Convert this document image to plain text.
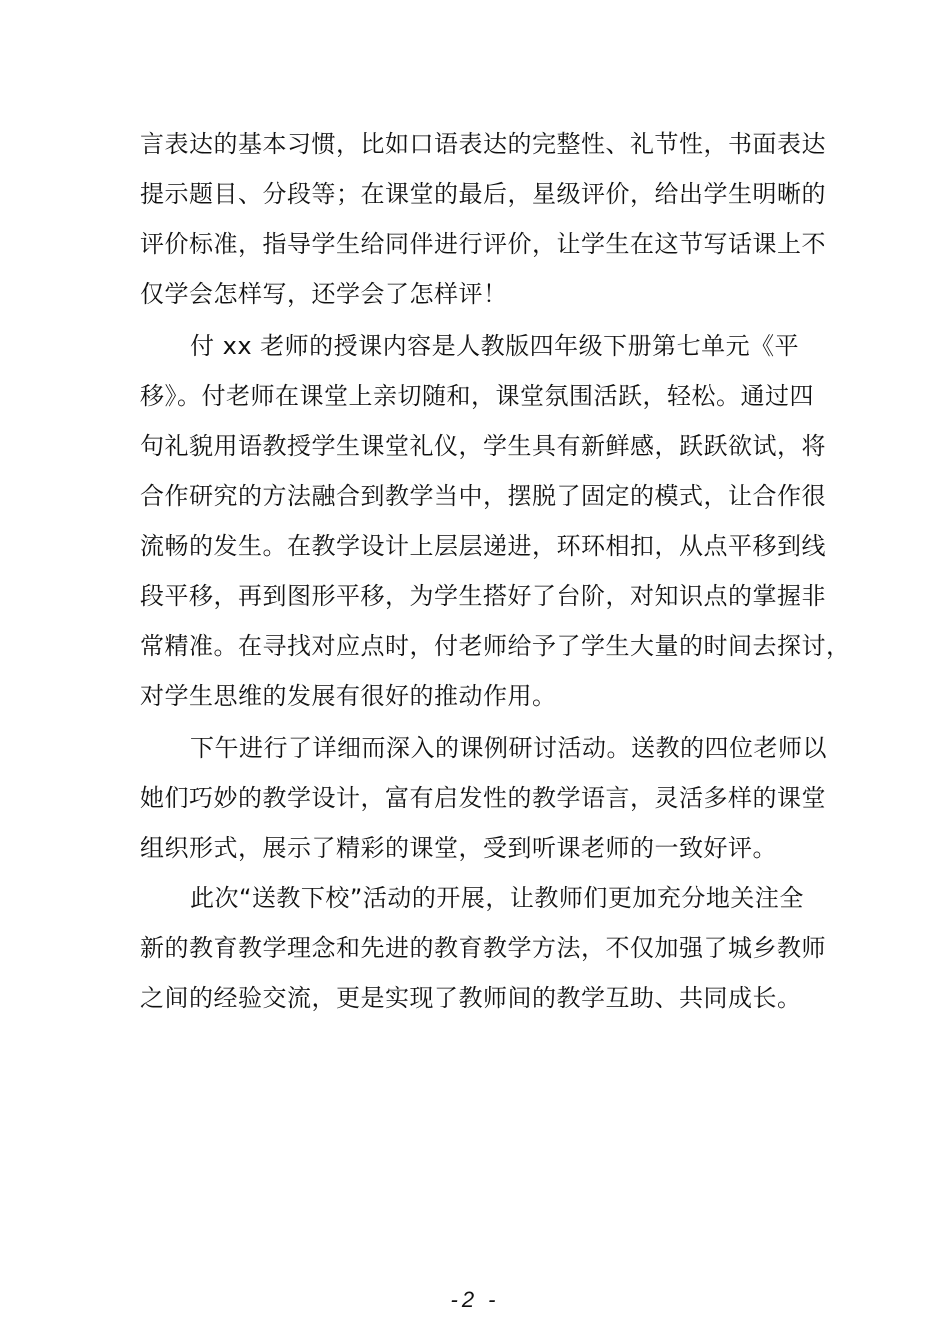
言表达的基本习惯，比如口语表达的完整性、礼节性，书面表达
提示题目、分段等；在课堂的最后，星级评价，给出学生明晰的
评价标准，指导学生给同伴进行评价，让学生在这节写话课上不
仅学会怎样写，还学会了怎样评！
付 xx 老师的授课内容是人教版四年级下册第七单元《平
移》。付老师在课堂上亲切随和，课堂氛围活跃，轻松。通过四
句礼貌用语教授学生课堂礼仪，学生具有新鲜感，跃跃欲试，将
合作研究的方法融合到教学当中，摆脱了固定的模式，让合作很
流畅的发生。在教学设计上层层递进，环环相扣，从点平移到线
段平移，再到图形平移，为学生搭好了台阶，对知识点的掌握非
常精准。在寻找对应点时，付老师给予了学生大量的时间去探讨，
对学生思维的发展有很好的推动作用。
下午进行了详细而深入的课例研讨活动。送教的四位老师以
她们巧妙的教学设计，富有启发性的教学语言，灵活多样的课堂
组织形式，展示了精彩的课堂，受到听课老师的一致好评。
此次“送教下校”活动的开展，让教师们更加充分地关注全
新的教育教学理念和先进的教育教学方法，不仅加强了城乡教师
之间的经验交流，更是实现了教师间的教学互助、共同成长。
-2 -
